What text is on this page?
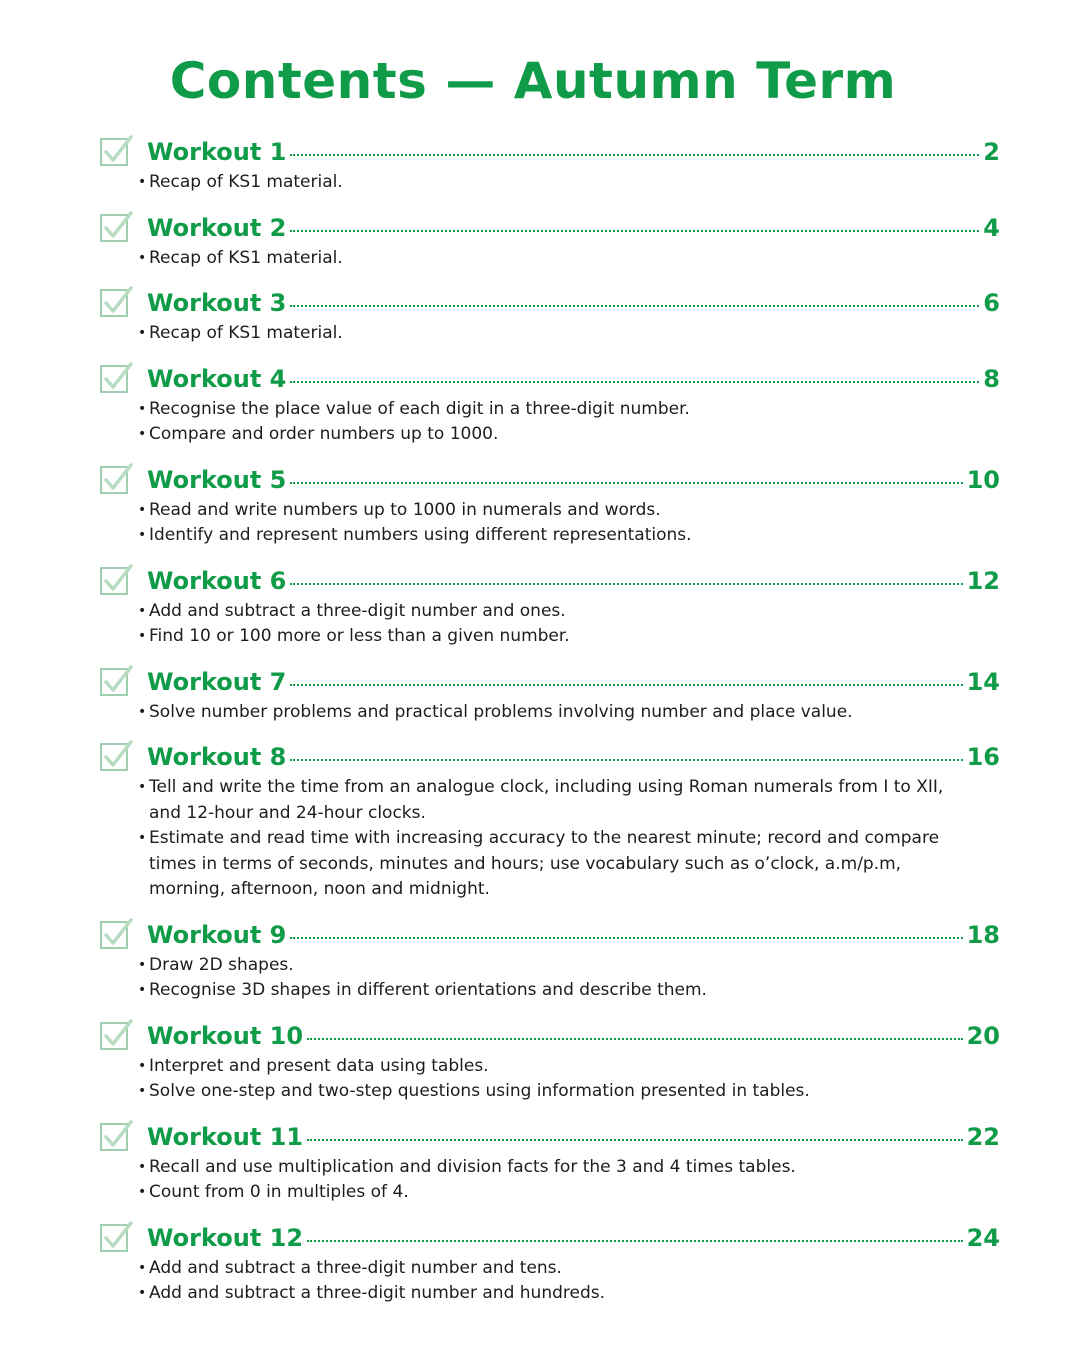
Contents — Autumn Term
Workout 1	2
• Recap of KS1 material.
Workout 2	4
• Recap of KS1 material.
Workout 3	6
• Recap of KS1 material.
Workout 4	8
• Recognise the place value of each digit in a three-digit number.
• Compare and order numbers up to 1000.
Workout 5	10
• Read and write numbers up to 1000 in numerals and words.
• Identify and represent numbers using different representations.
Workout 6	12
• Add and subtract a three-digit number and ones.
• Find 10 or 100 more or less than a given number.
Workout 7	14
• Solve number problems and practical problems involving number and place value.
Workout 8	16
• Tell and write the time from an analogue clock, including using Roman numerals from I to XII, and 12-hour and 24-hour clocks.
• Estimate and read time with increasing accuracy to the nearest minute; record and compare times in terms of seconds, minutes and hours; use vocabulary such as o’clock, a.m/p.m, morning, afternoon, noon and midnight.
Workout 9	18
• Draw 2D shapes.
• Recognise 3D shapes in different orientations and describe them.
Workout 10	20
• Interpret and present data using tables.
• Solve one-step and two-step questions using information presented in tables.
Workout 11	22
• Recall and use multiplication and division facts for the 3 and 4 times tables.
• Count from 0 in multiples of 4.
Workout 12	24
• Add and subtract a three-digit number and tens.
• Add and subtract a three-digit number and hundreds.
